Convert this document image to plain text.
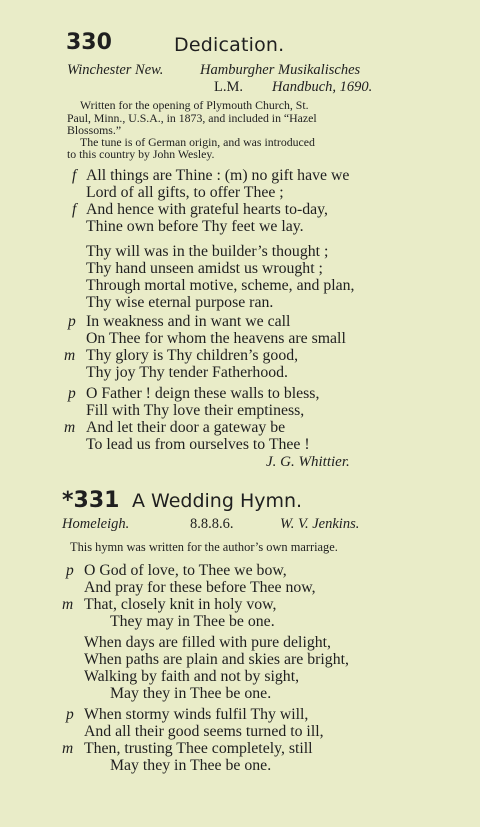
330	Dedication.
Winchester New.	Hamburgher Musikalisches
L.M. Handbuch, 1690.
Written for the opening of Plymouth Church, St.
Paul, Minn., U.S.A., in 1873, and included in “Hazel
Blossoms.”
The tune is of German origin, and was introduced
to this country by John Wesley.
f All things are Thine : (m) no gift have we
Lord of all gifts, to offer Thee ;
f And hence with grateful hearts to-day,
Thine own before Thy feet we lay.
Thy will was in the builder’s thought ;
Thy hand unseen amidst us wrought ;
Through mortal motive, scheme, and plan,
Thy wise eternal purpose ran.
p In weakness and in want we call
On Thee for whom the heavens are small
m Thy glory is Thy children’s good,
Thy joy Thy tender Fatherhood.
p O Father ! deign these walls to bless,
Fill with Thy love their emptiness,
m And let their door a gateway be
To lead us from ourselves to Thee !
J. G. Whittier.
*331 A Wedding Hymn.
Homeleigh.	8.8.8.6.	W. V. Jenkins.
This hymn was written for the author’s own marriage.
p O God of love, to Thee we bow,
And pray for these before Thee now,
m That, closely knit in holy vow,
They may in Thee be one.
When days are filled with pure delight,
When paths are plain and skies are bright,
Walking by faith and not by sight,
May they in Thee be one.
p When stormy winds fulfil Thy will,
And all their good seems turned to ill,
m Then, trusting Thee completely, still
May they in Thee be one.
